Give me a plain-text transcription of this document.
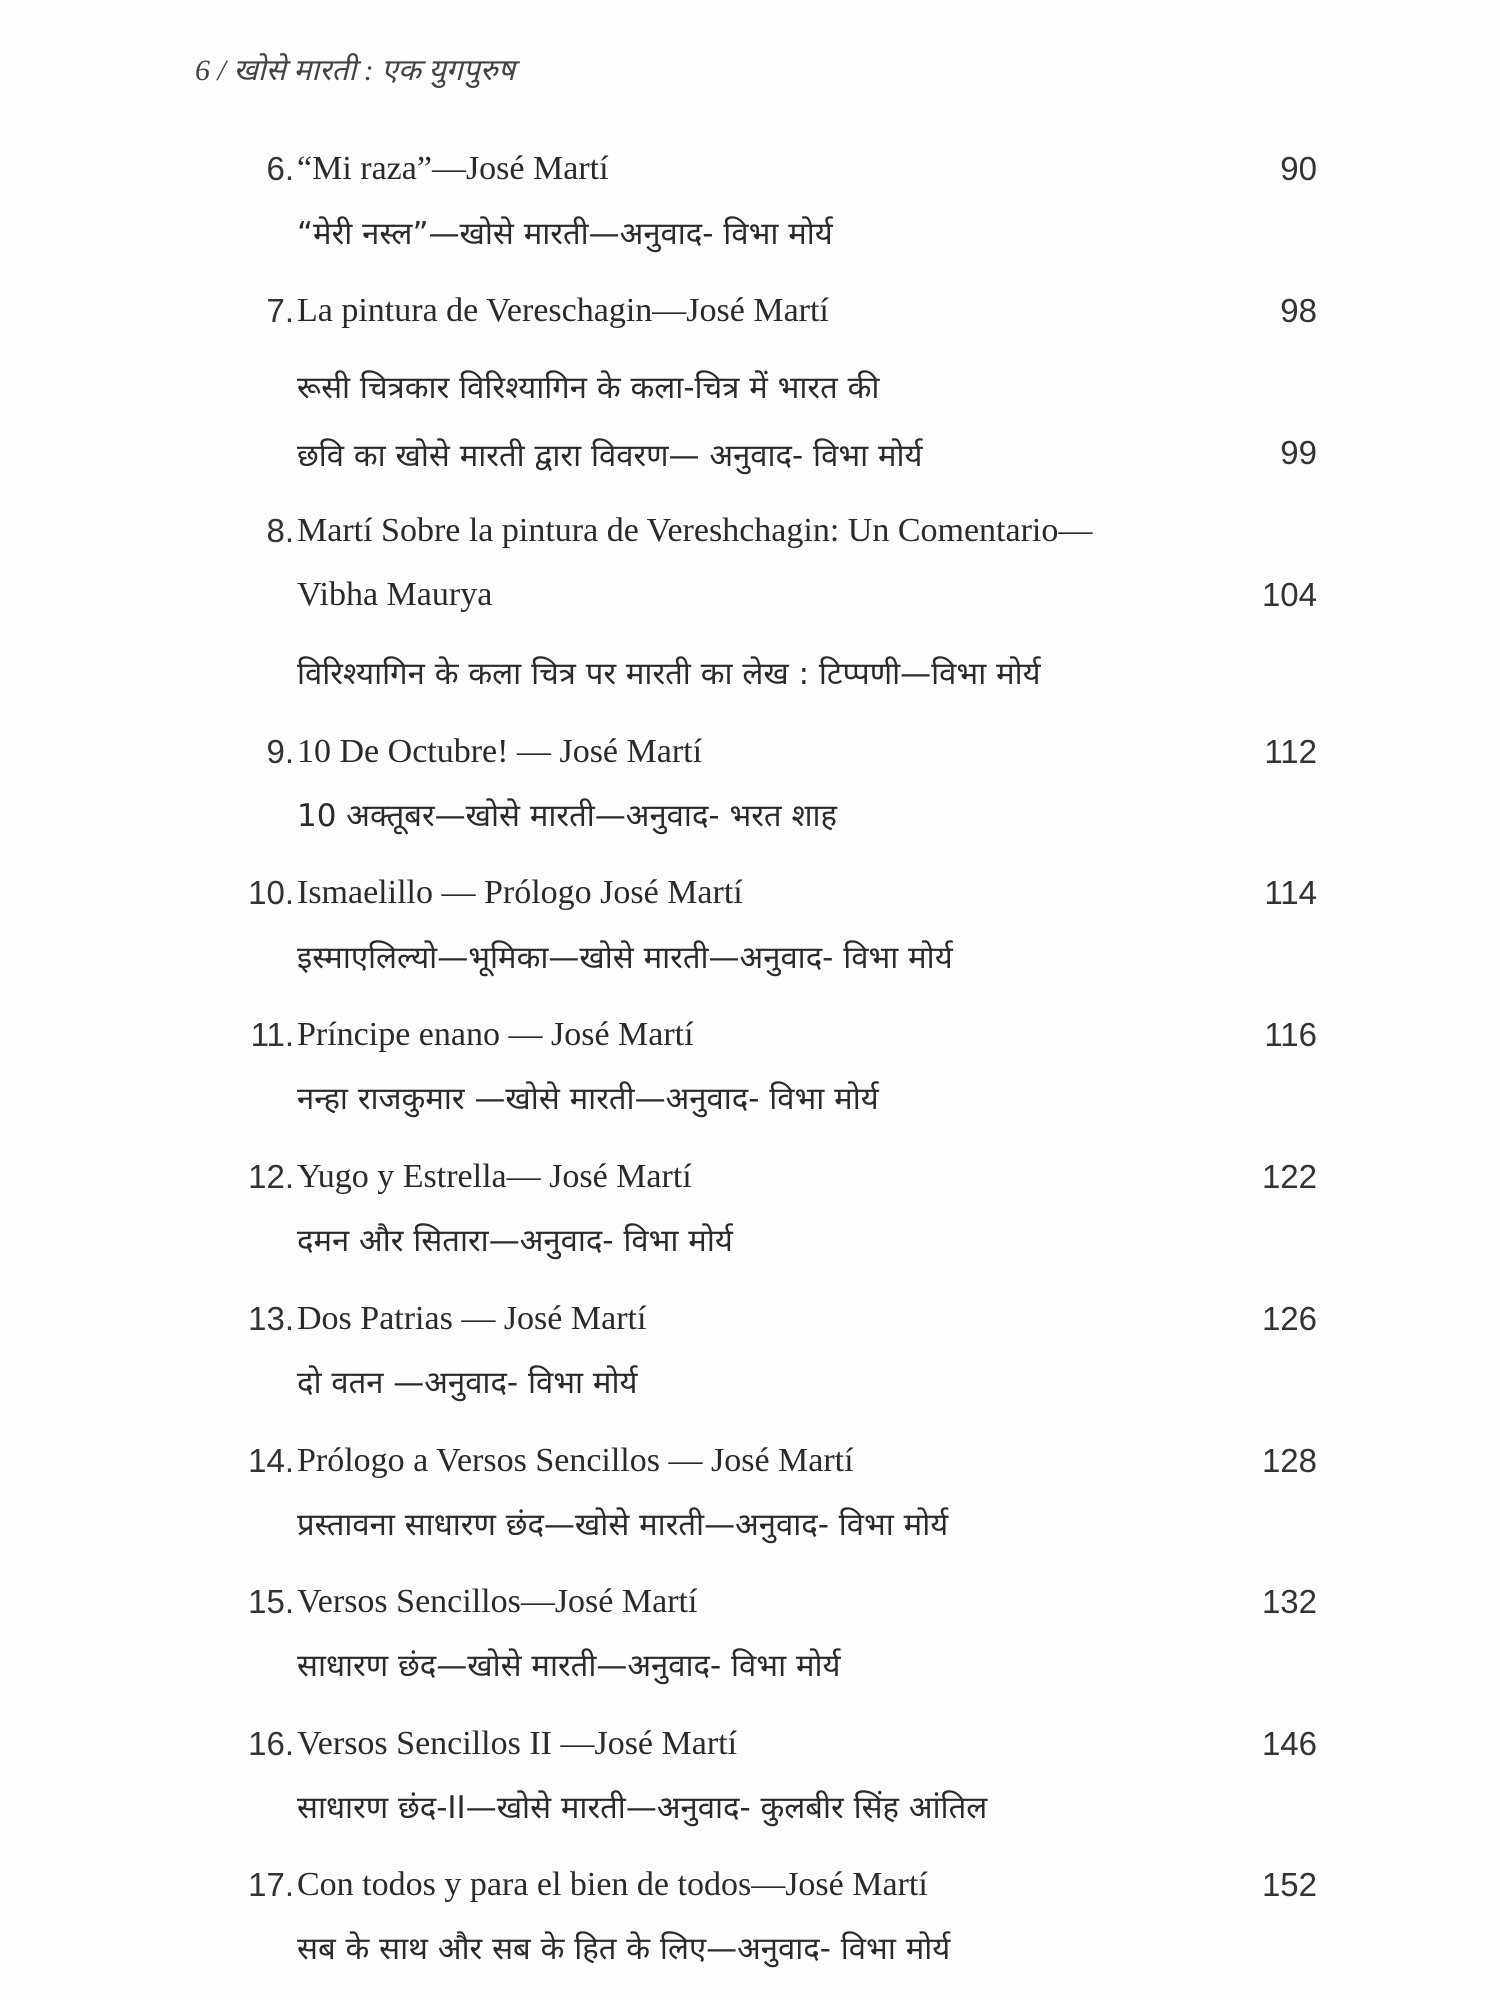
6 / खोसे मारती : एक युगपुरुष
6. “Mi raza”—José Martí	90
“मेरी नस्ल”—खोसे मारती—अनुवाद- विभा मोर्य
7. La pintura de Vereschagin—José Martí	98
रूसी चित्रकार विरिश्यागिन के कला-चित्र में भारत की
छवि का खोसे मारती द्वारा विवरण— अनुवाद- विभा मोर्य	99
8. Martí Sobre la pintura de Vereshchagin: Un Comentario—
Vibha Maurya	104
विरिश्यागिन के कला चित्र पर मारती का लेख : टिप्पणी—विभा मोर्य
9. 10 De Octubre! — José Martí	112
10 अक्तूबर—खोसे मारती—अनुवाद- भरत शाह
10. Ismaelillo — Prólogo José Martí	114
इस्माएलिल्यो—भूमिका—खोसे मारती—अनुवाद- विभा मोर्य
11. Príncipe enano — José Martí	116
नन्हा राजकुमार —खोसे मारती—अनुवाद- विभा मोर्य
12. Yugo y Estrella— José Martí	122
दमन और सितारा—अनुवाद- विभा मोर्य
13. Dos Patrias — José Martí	126
दो वतन —अनुवाद- विभा मोर्य
14. Prólogo a Versos Sencillos — José Martí	128
प्रस्तावना साधारण छंद—खोसे मारती—अनुवाद- विभा मोर्य
15. Versos Sencillos—José Martí	132
साधारण छंद—खोसे मारती—अनुवाद- विभा मोर्य
16. Versos Sencillos II —José Martí	146
साधारण छंद-II—खोसे मारती—अनुवाद- कुलबीर सिंह आंतिल
17. Con todos y para el bien de todos—José Martí	152
सब के साथ और सब के हित के लिए—अनुवाद- विभा मोर्य
